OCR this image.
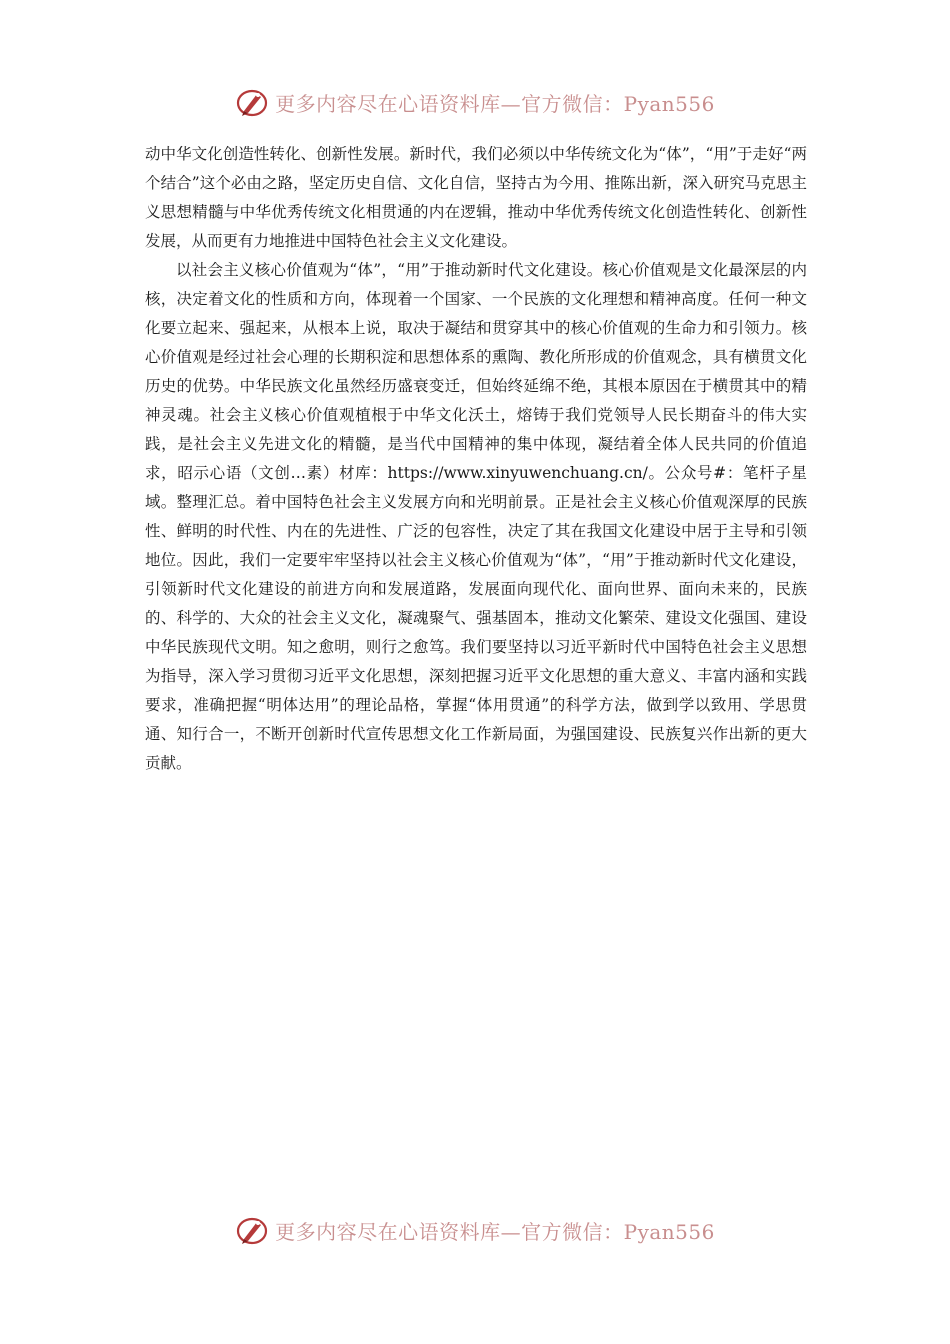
更多内容尽在心语资料库—官方微信：Pyan556

动中华文化创造性转化、创新性发展。新时代，我们必须以中华传统文化为“体”，“用”于走好“两个结合”这个必由之路，坚定历史自信、文化自信，坚持古为今用、推陈出新，深入研究马克思主义思想精髓与中华优秀传统文化相贯通的内在逻辑，推动中华优秀传统文化创造性转化、创新性发展，从而更有力地推进中国特色社会主义文化建设。

以社会主义核心价值观为“体”，“用”于推动新时代文化建设。核心价值观是文化最深层的内核，决定着文化的性质和方向，体现着一个国家、一个民族的文化理想和精神高度。任何一种文化要立起来、强起来，从根本上说，取决于凝结和贯穿其中的核心价值观的生命力和引领力。核心价值观是经过社会心理的长期积淀和思想体系的熏陶、教化所形成的价值观念，具有横贯文化历史的优势。中华民族文化虽然经历盛衰变迁，但始终延绵不绝，其根本原因在于横贯其中的精神灵魂。社会主义核心价值观植根于中华文化沃土，熔铸于我们党领导人民长期奋斗的伟大实践，是社会主义先进文化的精髓，是当代中国精神的集中体现，凝结着全体人民共同的价值追求，昭示心语（文创…素）材库：https://www.xinyuwenchuang.cn/。公众号#：笔杆子星域。整理汇总。着中国特色社会主义发展方向和光明前景。正是社会主义核心价值观深厚的民族性、鲜明的时代性、内在的先进性、广泛的包容性，决定了其在我国文化建设中居于主导和引领地位。因此，我们一定要牢牢坚持以社会主义核心价值观为“体”，“用”于推动新时代文化建设，引领新时代文化建设的前进方向和发展道路，发展面向现代化、面向世界、面向未来的，民族的、科学的、大众的社会主义文化，凝魂聚气、强基固本，推动文化繁荣、建设文化强国、建设中华民族现代文明。知之愈明，则行之愈笃。我们要坚持以习近平新时代中国特色社会主义思想为指导，深入学习贯彻习近平文化思想，深刻把握习近平文化思想的重大意义、丰富内涵和实践要求，准确把握“明体达用”的理论品格，掌握“体用贯通”的科学方法，做到学以致用、学思贯通、知行合一，不断开创新时代宣传思想文化工作新局面，为强国建设、民族复兴作出新的更大贡献。

更多内容尽在心语资料库—官方微信：Pyan556
